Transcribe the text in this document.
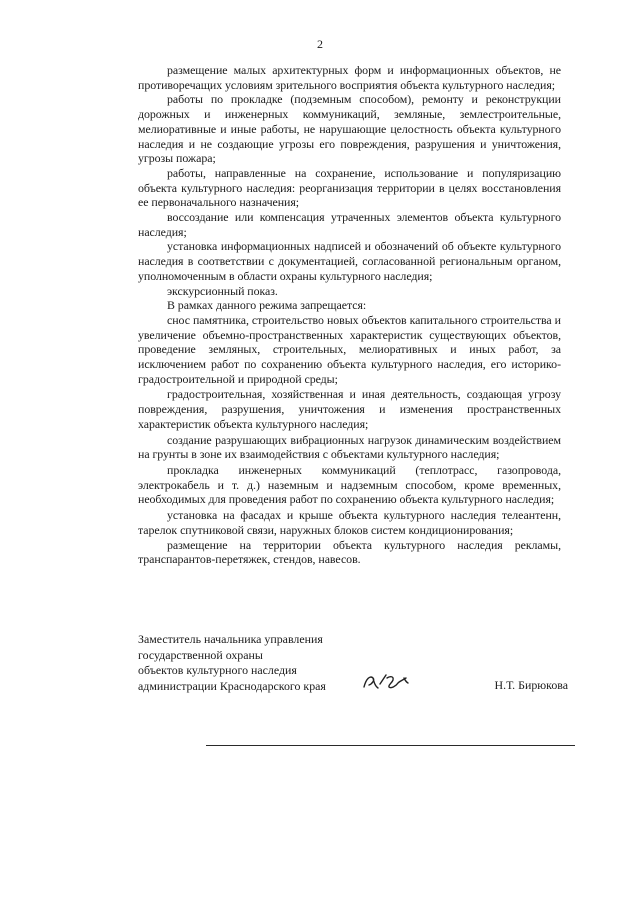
2

размещение малых архитектурных форм и информационных объектов, не противоречащих условиям зрительного восприятия объекта культурного наследия;

работы по прокладке (подземным способом), ремонту и реконструкции дорожных и инженерных коммуникаций, земляные, землестроительные, мелиоративные и иные работы, не нарушающие целостность объекта культурного наследия и не создающие угрозы его повреждения, разрушения и уничтожения, угрозы пожара;

работы, направленные на сохранение, использование и популяризацию объекта культурного наследия: реорганизация территории в целях восстановления ее первоначального назначения;

воссоздание или компенсация утраченных элементов объекта культурного наследия;

установка информационных надписей и обозначений об объекте культурного наследия в соответствии с документацией, согласованной региональным органом, уполномоченным в области охраны культурного наследия;

экскурсионный показ.

В рамках данного режима запрещается:

снос памятника, строительство новых объектов капитального строительства и увеличение объемно-пространственных характеристик существующих объектов, проведение земляных, строительных, мелиоративных и иных работ, за исключением работ по сохранению объекта культурного наследия, его историко-градостроительной и природной среды;

градостроительная, хозяйственная и иная деятельность, создающая угрозу повреждения, разрушения, уничтожения и изменения пространственных характеристик объекта культурного наследия;

создание разрушающих вибрационных нагрузок динамическим воздействием на грунты в зоне их взаимодействия с объектами культурного наследия;

прокладка инженерных коммуникаций (теплотрасс, газопровода, электрокабель и т. д.) наземным и надземным способом, кроме временных, необходимых для проведения работ по сохранению объекта культурного наследия;

установка на фасадах и крыше объекта культурного наследия телеантенн, тарелок спутниковой связи, наружных блоков систем кондиционирования;

размещение на территории объекта культурного наследия рекламы, транспарантов-перетяжек, стендов, навесов.

Заместитель начальника управления
государственной охраны
объектов культурного наследия
администрации Краснодарского края	Н.Т. Бирюкова
